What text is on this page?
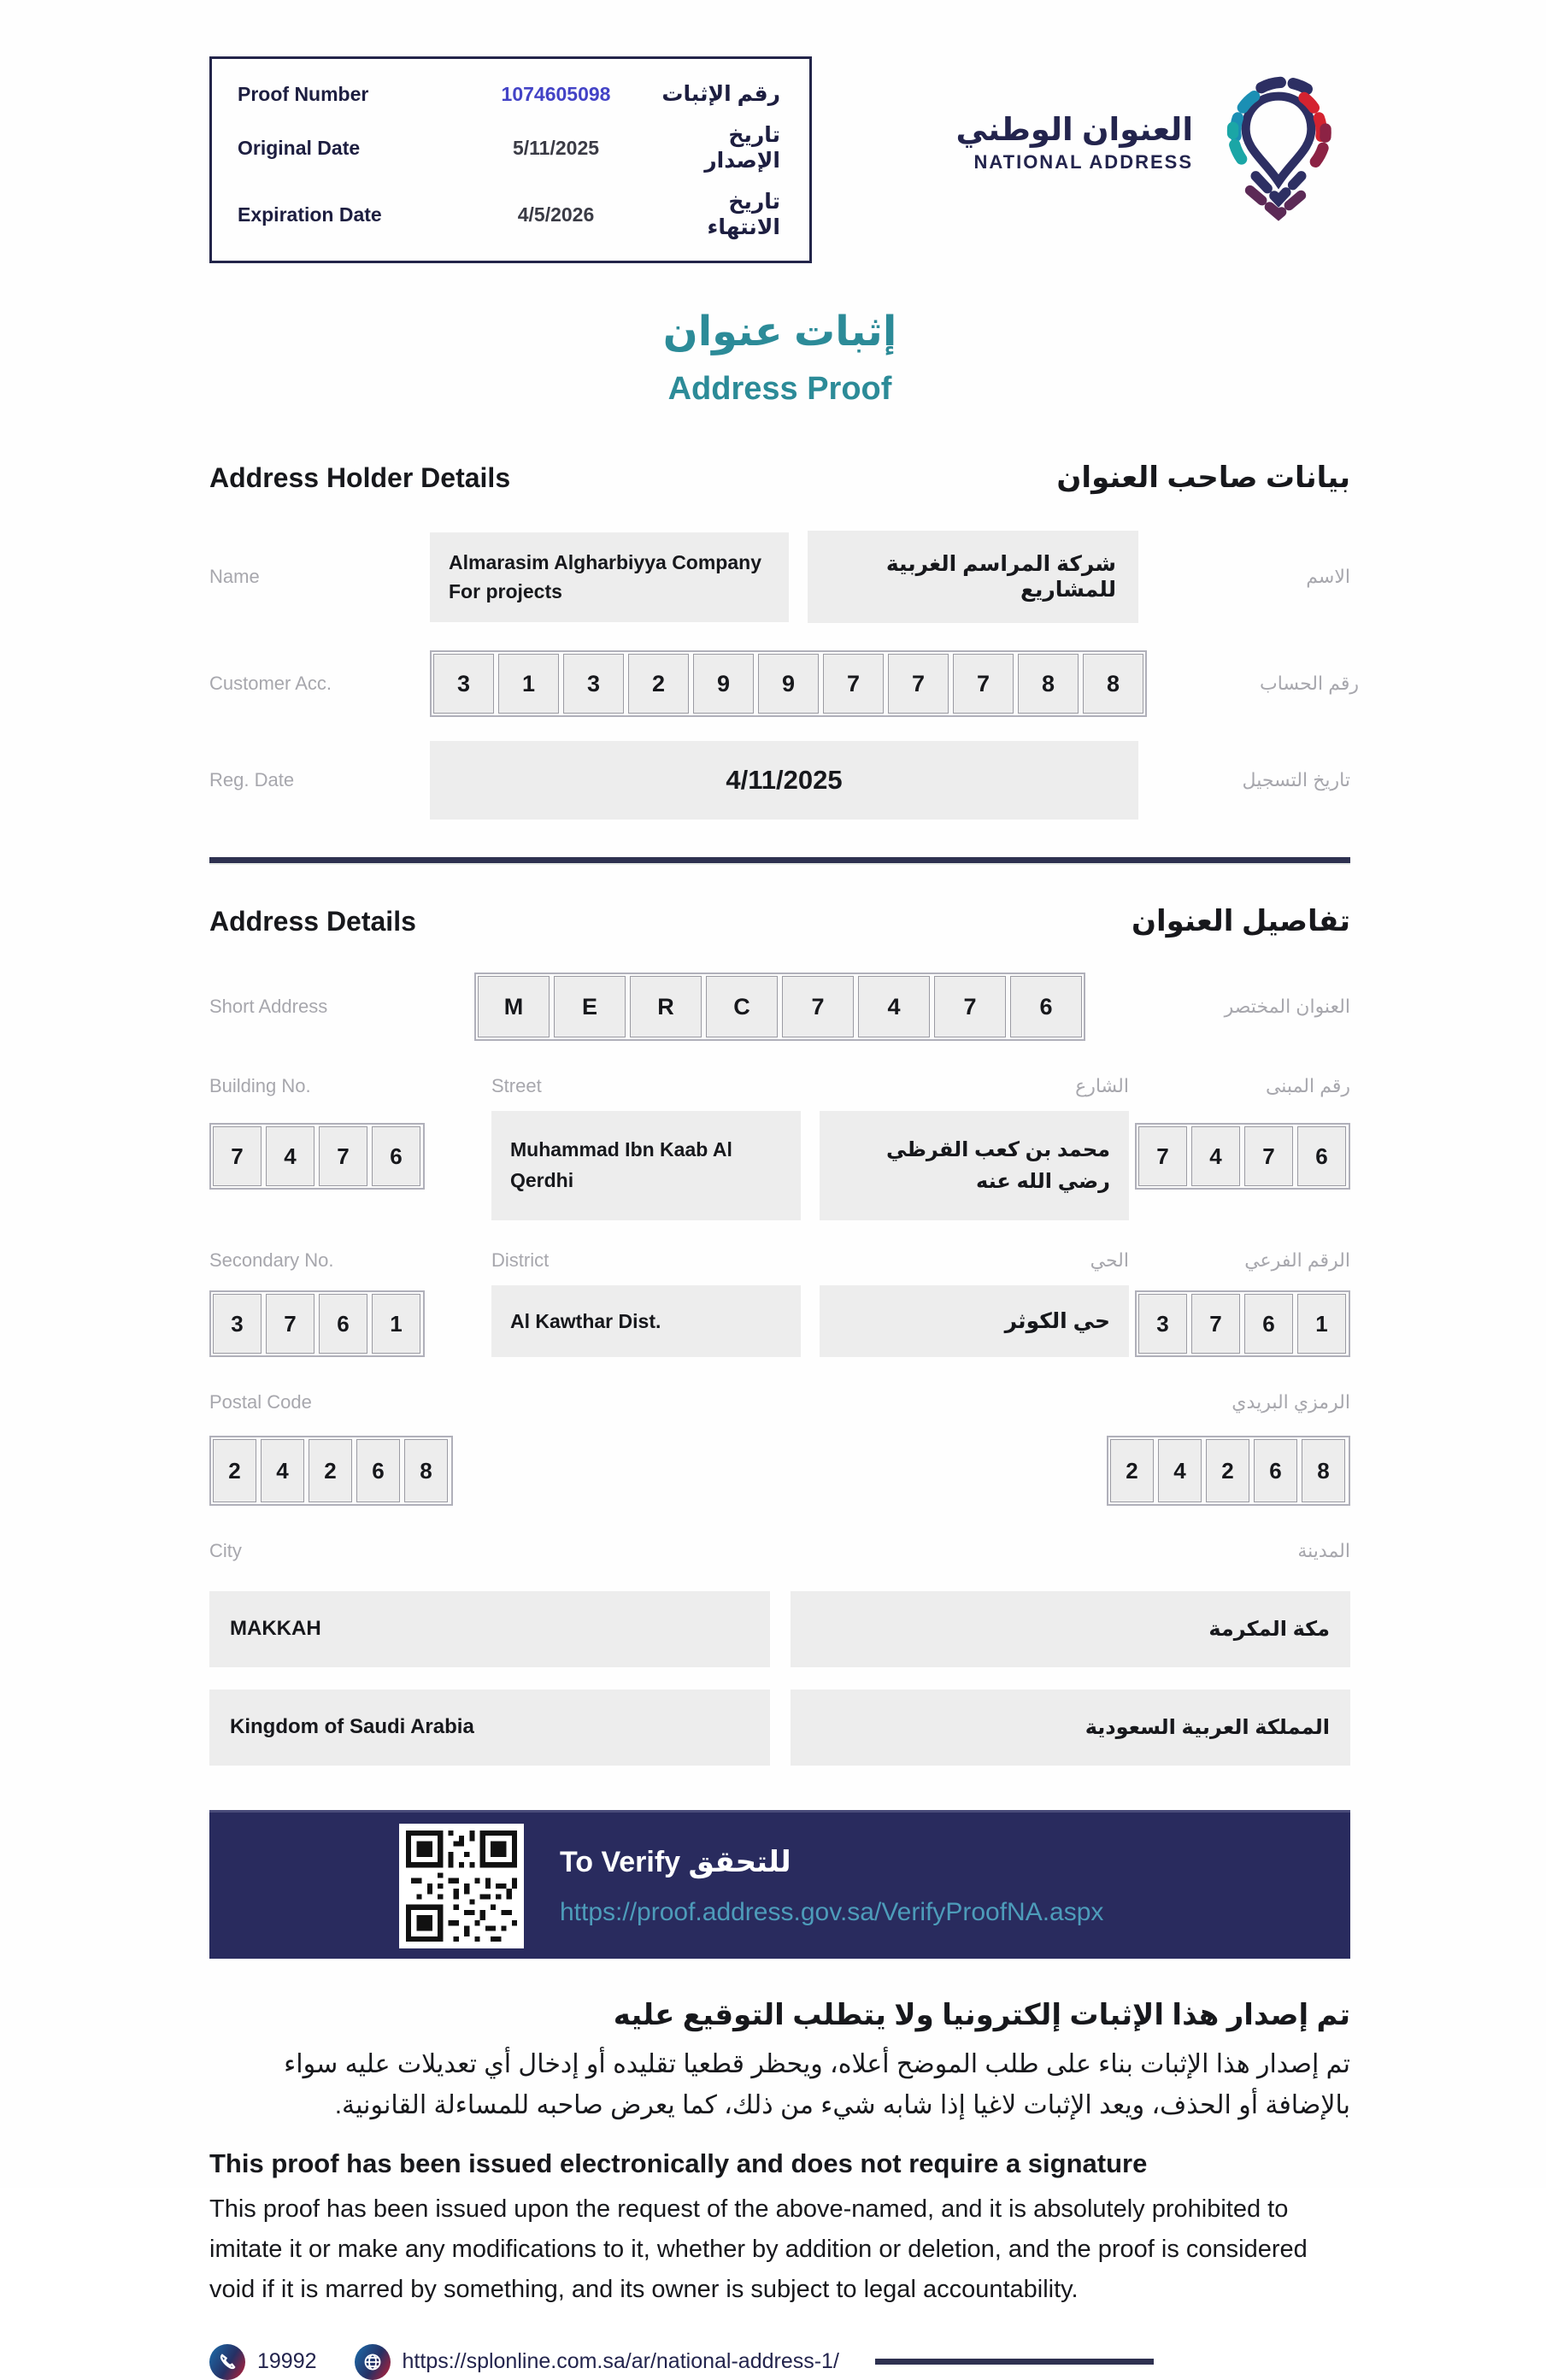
Proof Number	1074605098	رقم الإثبات
Original Date	5/11/2025
تاريخ الإصدار
Expiration Date	4/5/2026
تاريخ الانتهاء
العنوان الوطني
NATIONAL ADDRESS
إثبات عنوان
Address Proof
Address Holder Details	بيانات صاحب العنوان
Name
Almarasim Algharbiyya Company For projects
شركة المراسم الغربية للمشاريع
الاسم
Customer Acc.	3	1	3	2	9	9	7	7	7	8	8	رقم الحساب
Reg. Date	4/11/2025	تاريخ التسجيل
Address Details	تفاصيل العنوان
Short Address	M	E	R	C	7	4	7	6	العنوان المختصر
Building No.
7	4	7	6
Street
Muhammad Ibn Kaab Al Qerdhi
الشارع
محمد بن كعب القرظي رضي الله عنه
رقم المبنى
7	4	7	6
Secondary No.
3	7	6	1
District
Al Kawthar Dist.
الحي
حي الكوثر
الرقم الفرعي
3	7	6	1
Postal Code
2	4	2	6	8
الرمزي البريدي
2	4	2	6	8
City	المدينة
MAKKAH	مكة المكرمة
Kingdom of Saudi Arabia	المملكة العربية السعودية
To Verify للتحقق
https://proof.address.gov.sa/VerifyProofNA.aspx
تم إصدار هذا الإثبات إلكترونيا ولا يتطلب التوقيع عليه
تم إصدار هذا الإثبات بناء على طلب الموضح أعلاه، ويحظر قطعيا تقليده أو إدخال أي تعديلات عليه سواء بالإضافة أو الحذف، ويعد الإثبات لاغيا إذا شابه شيء من ذلك، كما يعرض صاحبه للمساءلة القانونية.
This proof has been issued electronically and does not require a signature
This proof has been issued upon the request of the above-named, and it is absolutely prohibited to imitate it or make any modifications to it, whether by addition or deletion, and the proof is considered void if it is marred by something, and its owner is subject to legal accountability.
19992	https://splonline.com.sa/ar/national-address-1/
